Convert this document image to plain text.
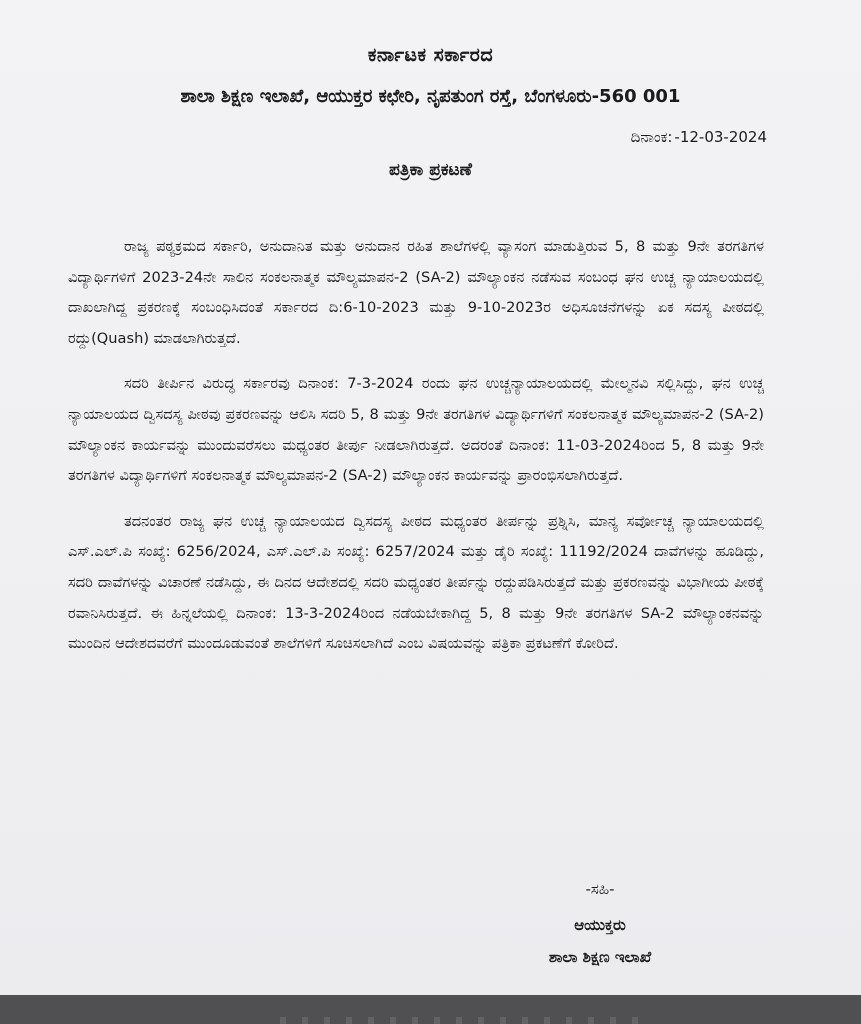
ಕರ್ನಾಟಕ ಸರ್ಕಾರದ
ಶಾಲಾ ಶಿಕ್ಷಣ ಇಲಾಖೆ, ಆಯುಕ್ತರ ಕಛೇರಿ, ನೃಪತುಂಗ ರಸ್ತೆ, ಬೆಂಗಳೂರು-560 001
ದಿನಾಂಕ: -12-03-2024
ಪತ್ರಿಕಾ ಪ್ರಕಟಣೆ

ರಾಜ್ಯ ಪಠ್ಯಕ್ರಮದ ಸರ್ಕಾರಿ, ಅನುದಾನಿತ ಮತ್ತು ಅನುದಾನ ರಹಿತ ಶಾಲೆಗಳಲ್ಲಿ ವ್ಯಾಸಂಗ ಮಾಡುತ್ತಿರುವ 5, 8 ಮತ್ತು 9ನೇ ತರಗತಿಗಳ ವಿದ್ಯಾರ್ಥಿಗಳಿಗೆ 2023-24ನೇ ಸಾಲಿನ ಸಂಕಲನಾತ್ಮಕ ಮೌಲ್ಯಮಾಪನ-2 (SA-2) ಮೌಲ್ಯಾಂಕನ ನಡೆಸುವ ಸಂಬಂಧ ಘನ ಉಚ್ಚ ನ್ಯಾಯಾಲಯದಲ್ಲಿ ದಾಖಲಾಗಿದ್ದ ಪ್ರಕರಣಕ್ಕೆ ಸಂಬಂಧಿಸಿದಂತೆ ಸರ್ಕಾರದ ದಿ:6-10-2023 ಮತ್ತು 9-10-2023ರ ಅಧಿಸೂಚನೆಗಳನ್ನು ಏಕ ಸದಸ್ಯ ಪೀಠದಲ್ಲಿ ರದ್ದು(Quash) ಮಾಡಲಾಗಿರುತ್ತದೆ.

ಸದರಿ ತೀರ್ಪಿನ ವಿರುದ್ಧ ಸರ್ಕಾರವು ದಿನಾಂಕ: 7-3-2024 ರಂದು ಘನ ಉಚ್ಚನ್ಯಾಯಾಲಯದಲ್ಲಿ ಮೇಲ್ಮನವಿ ಸಲ್ಲಿಸಿದ್ದು, ಘನ ಉಚ್ಚ ನ್ಯಾಯಾಲಯದ ದ್ವಿಸದಸ್ಯ ಪೀಠವು ಪ್ರಕರಣವನ್ನು ಆಲಿಸಿ ಸದರಿ 5, 8 ಮತ್ತು 9ನೇ ತರಗತಿಗಳ ವಿದ್ಯಾರ್ಥಿಗಳಿಗೆ ಸಂಕಲನಾತ್ಮಕ ಮೌಲ್ಯಮಾಪನ-2 (SA-2) ಮೌಲ್ಯಾಂಕನ ಕಾರ್ಯವನ್ನು ಮುಂದುವರೆಸಲು ಮಧ್ಯಂತರ ತೀರ್ಪು ನೀಡಲಾಗಿರುತ್ತದೆ. ಅದರಂತೆ ದಿನಾಂಕ: 11-03-2024ರಿಂದ 5, 8 ಮತ್ತು 9ನೇ ತರಗತಿಗಳ ವಿದ್ಯಾರ್ಥಿಗಳಿಗೆ ಸಂಕಲನಾತ್ಮಕ ಮೌಲ್ಯಮಾಪನ-2 (SA-2) ಮೌಲ್ಯಾಂಕನ ಕಾರ್ಯವನ್ನು ಪ್ರಾರಂಭಿಸಲಾಗಿರುತ್ತದೆ.

ತದನಂತರ ರಾಜ್ಯ ಘನ ಉಚ್ಚ ನ್ಯಾಯಾಲಯದ ದ್ವಿಸದಸ್ಯ ಪೀಠದ ಮಧ್ಯಂತರ ತೀರ್ಪನ್ನು ಪ್ರಶ್ನಿಸಿ, ಮಾನ್ಯ ಸರ್ವೋಚ್ಚ ನ್ಯಾಯಾಲಯದಲ್ಲಿ ಎಸ್.ಎಲ್.ಪಿ ಸಂಖ್ಯೆ: 6256/2024, ಎಸ್.ಎಲ್.ಪಿ ಸಂಖ್ಯೆ: 6257/2024 ಮತ್ತು ಡೈರಿ ಸಂಖ್ಯೆ: 11192/2024 ದಾವೆಗಳನ್ನು ಹೂಡಿದ್ದು, ಸದರಿ ದಾವೆಗಳನ್ನು ವಿಚಾರಣೆ ನಡೆಸಿದ್ದು, ಈ ದಿನದ ಆದೇಶದಲ್ಲಿ ಸದರಿ ಮಧ್ಯಂತರ ತೀರ್ಪನ್ನು ರದ್ದುಪಡಿಸಿರುತ್ತದೆ ಮತ್ತು ಪ್ರಕರಣವನ್ನು ವಿಭಾಗೀಯ ಪೀಠಕ್ಕೆ ರವಾನಿಸಿರುತ್ತದೆ. ಈ ಹಿನ್ನಲೆಯಲ್ಲಿ ದಿನಾಂಕ: 13-3-2024ರಿಂದ ನಡೆಯಬೇಕಾಗಿದ್ದ 5, 8 ಮತ್ತು 9ನೇ ತರಗತಿಗಳ SA-2 ಮೌಲ್ಯಾಂಕನವನ್ನು ಮುಂದಿನ ಆದೇಶದವರೆಗೆ ಮುಂದೂಡುವಂತೆ ಶಾಲೆಗಳಿಗೆ ಸೂಚಿಸಲಾಗಿದೆ ಎಂಬ ವಿಷಯವನ್ನು ಪತ್ರಿಕಾ ಪ್ರಕಟಣೆಗೆ ಕೋರಿದೆ.

-ಸಹಿ-
ಆಯುಕ್ತರು
ಶಾಲಾ ಶಿಕ್ಷಣ ಇಲಾಖೆ
